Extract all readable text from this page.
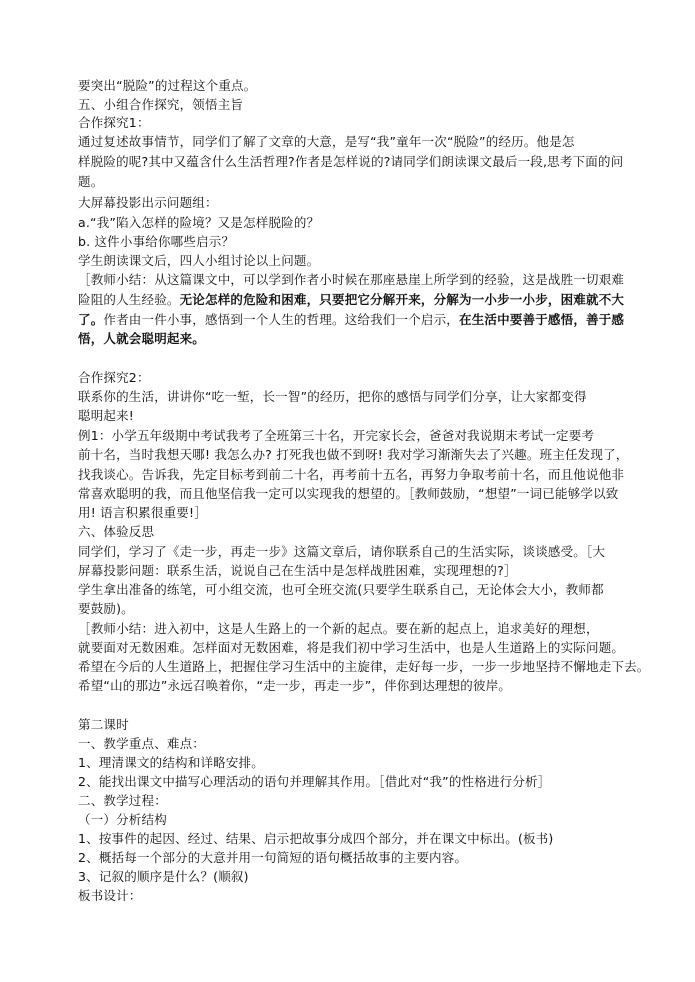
要突出“脱险”的过程这个重点。
五、小组合作探究，领悟主旨
合作探究1：
通过复述故事情节，同学们了解了文章的大意，是写“我”童年一次“脱险”的经历。他是怎
样脱险的呢?其中又蕴含什么生活哲理?作者是怎样说的?请同学们朗读课文最后一段,思考下面的问
题。
大屏幕投影出示问题组：
a.“我”陷入怎样的险境？又是怎样脱险的？
b. 这件小事给你哪些启示？
学生朗读课文后，四人小组讨论以上问题。
［教师小结：从这篇课文中，可以学到作者小时候在那座悬崖上所学到的经验，这是战胜一切艰难
险阻的人生经验。无论怎样的危险和困难，只要把它分解开来，分解为一小步一小步，困难就不大
了。作者由一件小事，感悟到一个人生的哲理。这给我们一个启示，在生活中要善于感悟，善于感
悟，人就会聪明起来。
合作探究2：
联系你的生活，讲讲你“吃一堑，长一智”的经历，把你的感悟与同学们分享，让大家都变得
聪明起来!
例1：小学五年级期中考试我考了全班第三十名，开完家长会，爸爸对我说期末考试一定要考
前十名，当时我想天哪! 我怎么办? 打死我也做不到呀! 我对学习渐渐失去了兴趣。班主任发现了，
找我谈心。告诉我，先定目标考到前二十名，再考前十五名，再努力争取考前十名，而且他说他非
常喜欢聪明的我，而且他坚信我一定可以实现我的想望的。［教师鼓励，“想望”一词已能够学以致
用! 语言积累很重要!］
六、体验反思
同学们，学习了《走一步，再走一步》这篇文章后，请你联系自己的生活实际，谈谈感受。［大
屏幕投影问题：联系生活，说说自己在生活中是怎样战胜困难，实现理想的?］
学生拿出准备的练笔，可小组交流，也可全班交流(只要学生联系自己，无论体会大小，教师都
要鼓励)。
［教师小结：进入初中，这是人生路上的一个新的起点。要在新的起点上，追求美好的理想，
就要面对无数困难。怎样面对无数困难，将是我们初中学习生活中，也是人生道路上的实际问题。
希望在今后的人生道路上，把握住学习生活中的主旋律，走好每一步，一步一步地坚持不懈地走下去。
希望“山的那边”永远召唤着你，“走一步，再走一步”，伴你到达理想的彼岸。
第二课时
一、教学重点、难点：
1、理清课文的结构和详略安排。
2、能找出课文中描写心理活动的语句并理解其作用。［借此对“我”的性格进行分析］
二、教学过程：
（一）分析结构
1、按事件的起因、经过、结果、启示把故事分成四个部分，并在课文中标出。(板书)
2、概括每一个部分的大意并用一句简短的语句概括故事的主要内容。
3、记叙的顺序是什么？(顺叙)
板书设计：
